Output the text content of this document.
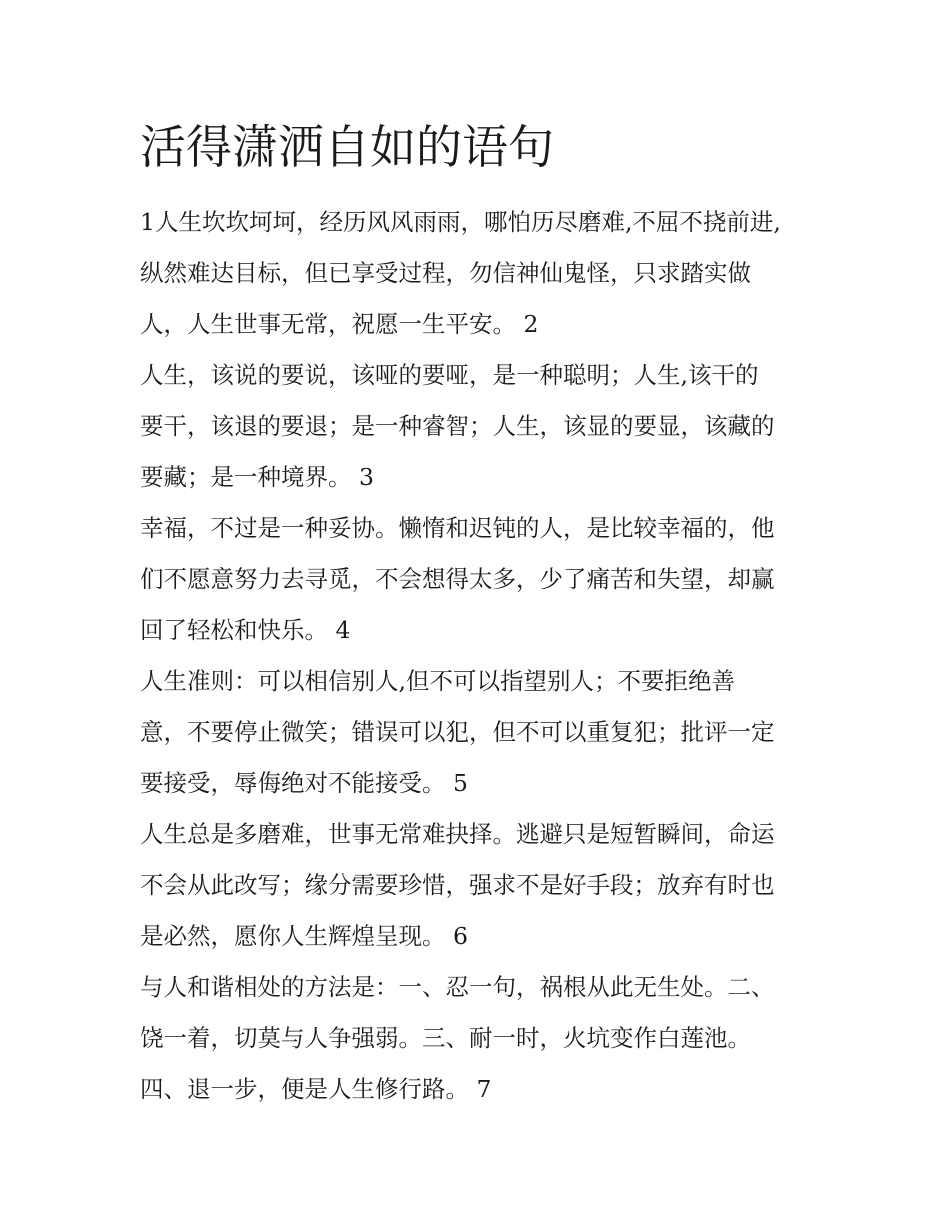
活得潇洒自如的语句
1人生坎坎坷坷，经历风风雨雨，哪怕历尽磨难,不屈不挠前进,
纵然难达目标，但已享受过程，勿信神仙鬼怪，只求踏实做
人，人生世事无常，祝愿一生平安。 2
人生，该说的要说，该哑的要哑，是一种聪明；人生,该干的
要干，该退的要退；是一种睿智；人生，该显的要显，该藏的
要藏；是一种境界。 3
幸福，不过是一种妥协。懒惰和迟钝的人，是比较幸福的，他
们不愿意努力去寻觅，不会想得太多，少了痛苦和失望，却赢
回了轻松和快乐。 4
人生准则：可以相信别人,但不可以指望别人；不要拒绝善
意，不要停止微笑；错误可以犯，但不可以重复犯；批评一定
要接受，辱侮绝对不能接受。 5
人生总是多磨难，世事无常难抉择。逃避只是短暂瞬间，命运
不会从此改写；缘分需要珍惜，强求不是好手段；放弃有时也
是必然，愿你人生辉煌呈现。 6
与人和谐相处的方法是：一、忍一句，祸根从此无生处。二、
饶一着，切莫与人争强弱。三、耐一时，火坑变作白莲池。
四、退一步，便是人生修行路。 7
